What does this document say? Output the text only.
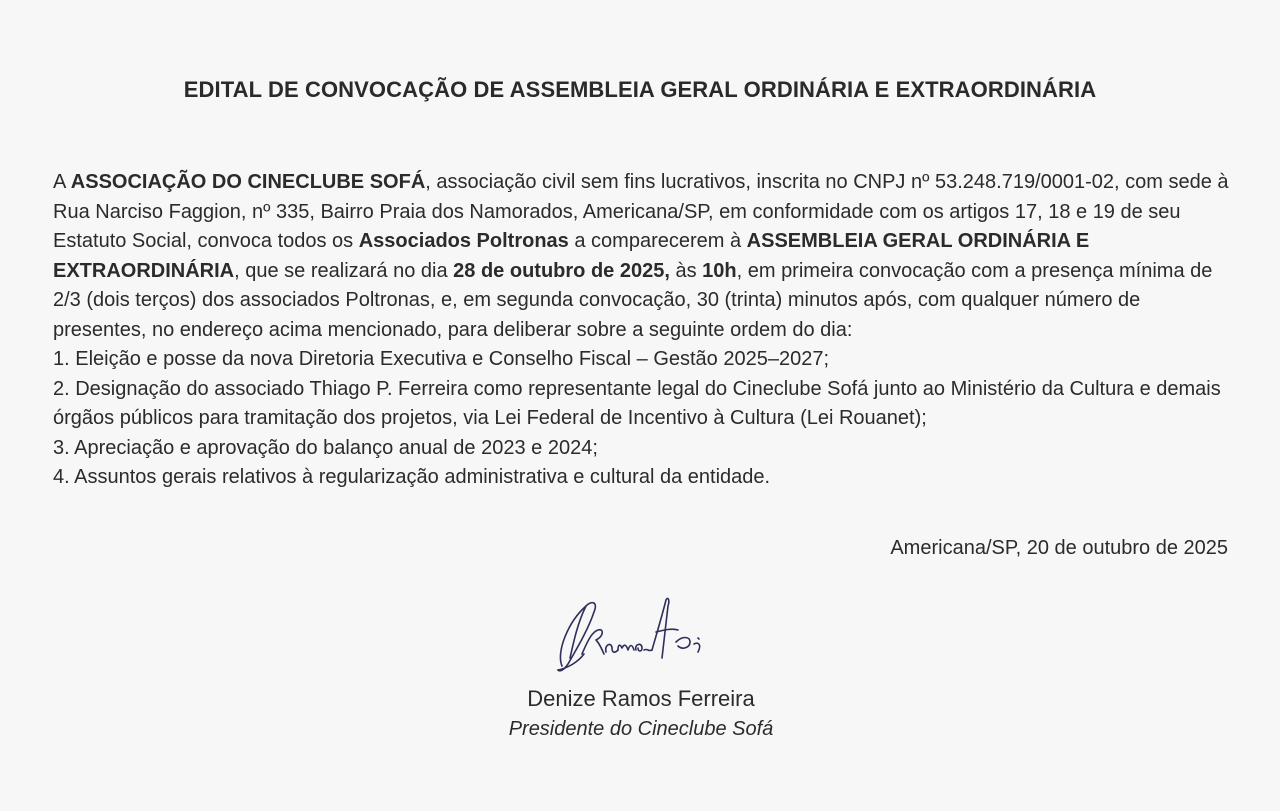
EDITAL DE CONVOCAÇÃO DE ASSEMBLEIA GERAL ORDINÁRIA E EXTRAORDINÁRIA

A ASSOCIAÇÃO DO CINECLUBE SOFÁ, associação civil sem fins lucrativos, inscrita no CNPJ nº 53.248.719/0001-02, com sede à Rua Narciso Faggion, nº 335, Bairro Praia dos Namorados, Americana/SP, em conformidade com os artigos 17, 18 e 19 de seu Estatuto Social, convoca todos os Associados Poltronas a comparecerem à ASSEMBLEIA GERAL ORDINÁRIA E EXTRAORDINÁRIA, que se realizará no dia 28 de outubro de 2025, às 10h, em primeira convocação com a presença mínima de 2/3 (dois terços) dos associados Poltronas, e, em segunda convocação, 30 (trinta) minutos após, com qualquer número de presentes, no endereço acima mencionado, para deliberar sobre a seguinte ordem do dia:

1. Eleição e posse da nova Diretoria Executiva e Conselho Fiscal – Gestão 2025–2027;

2. Designação do associado Thiago P. Ferreira como representante legal do Cineclube Sofá junto ao Ministério da Cultura e demais órgãos públicos para tramitação dos projetos, via Lei Federal de Incentivo à Cultura (Lei Rouanet);

3. Apreciação e aprovação do balanço anual de 2023 e 2024;

4. Assuntos gerais relativos à regularização administrativa e cultural da entidade.

Americana/SP, 20 de outubro de 2025
Denize Ramos Ferreira
Presidente do Cineclube Sofá
